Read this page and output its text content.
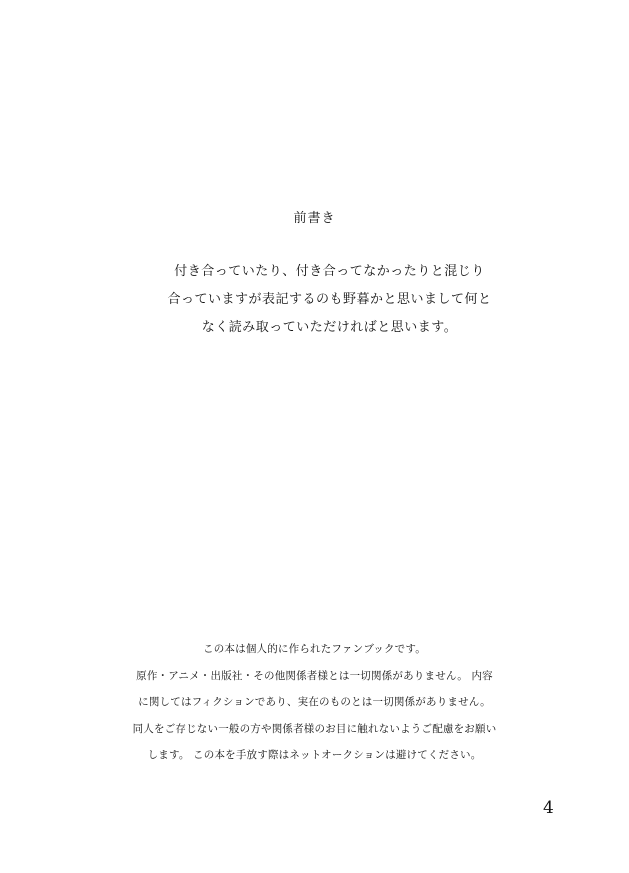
前書き
付き合っていたり、付き合ってなかったりと混じり
合っていますが表記するのも野暮かと思いまして何と
なく読み取っていただければと思います。
この本は個人的に作られたファンブックです。
原作・アニメ・出版社・その他関係者様とは一切関係がありません。 内容
に関してはフィクションであり、実在のものとは一切関係がありません。
同人をご存じない一般の方や関係者様のお目に触れないようご配慮をお願い
します。 この本を手放す際はネットオークションは避けてください。
4
